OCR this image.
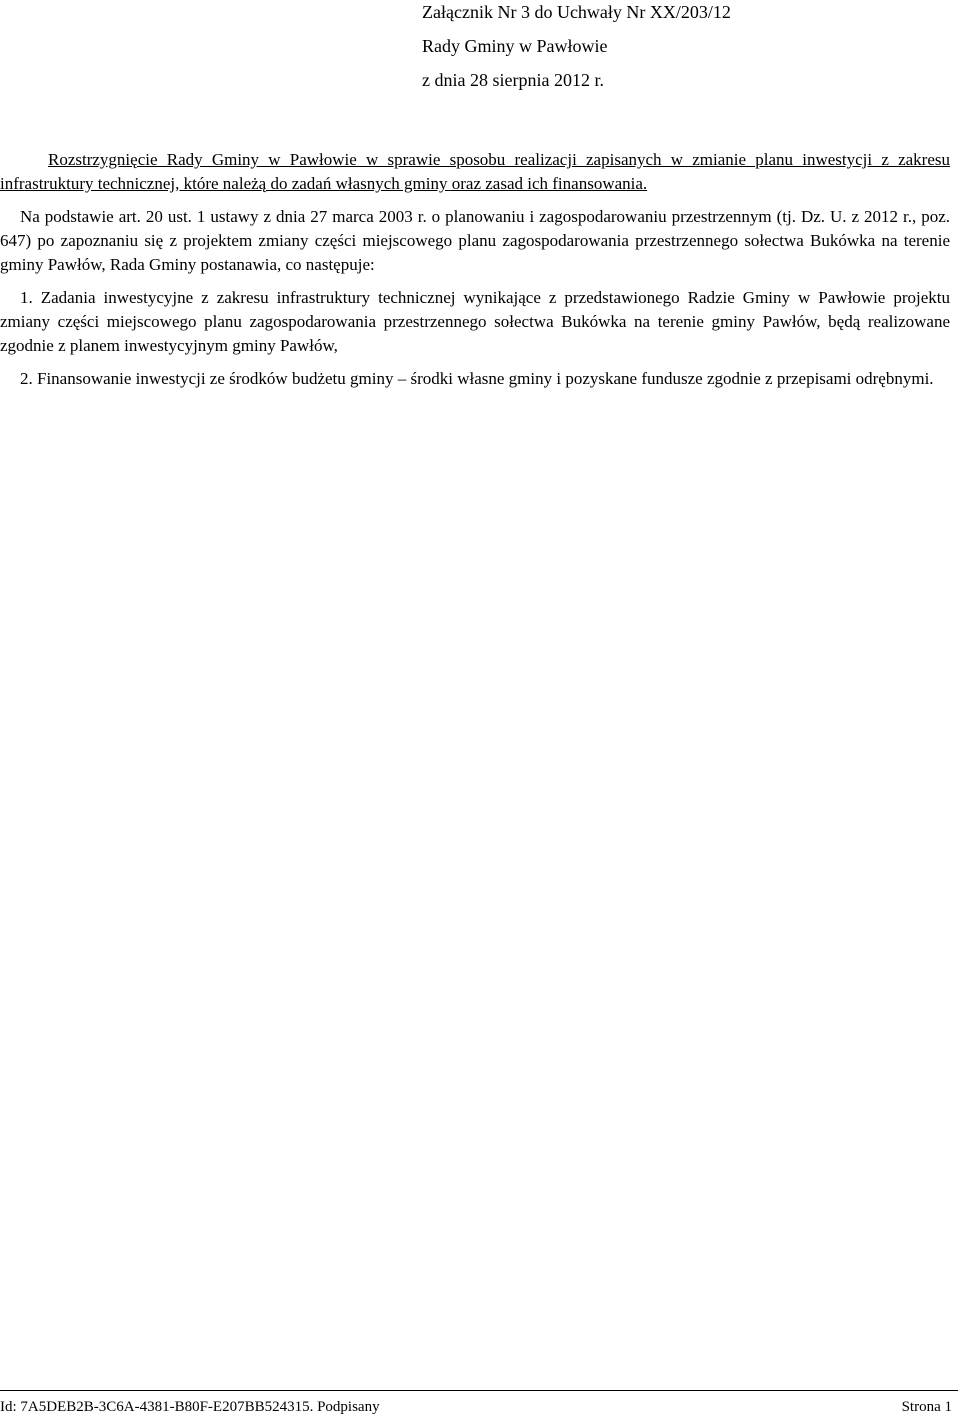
Załącznik Nr 3 do Uchwały Nr XX/203/12
Rady Gminy w Pawłowie
z dnia 28 sierpnia 2012 r.

Rozstrzygnięcie Rady Gminy w Pawłowie w sprawie sposobu realizacji zapisanych w zmianie planu inwestycji z zakresu infrastruktury technicznej, które należą do zadań własnych gminy oraz zasad ich finansowania.

Na podstawie art. 20 ust. 1 ustawy z dnia 27 marca 2003 r. o planowaniu i zagospodarowaniu przestrzennym (tj. Dz. U. z 2012 r., poz. 647) po zapoznaniu się z projektem zmiany części miejscowego planu zagospodarowania przestrzennego sołectwa Bukówka na terenie gminy Pawłów, Rada Gminy postanawia, co następuje:

1. Zadania inwestycyjne z zakresu infrastruktury technicznej wynikające z przedstawionego Radzie Gminy w Pawłowie projektu zmiany części miejscowego planu zagospodarowania przestrzennego sołectwa Bukówka na terenie gminy Pawłów, będą realizowane zgodnie z planem inwestycyjnym gminy Pawłów,

2. Finansowanie inwestycji ze środków budżetu gminy – środki własne gminy i pozyskane fundusze zgodnie z przepisami odrębnymi.

Id: 7A5DEB2B-3C6A-4381-B80F-E207BB524315. Podpisany	Strona 1
